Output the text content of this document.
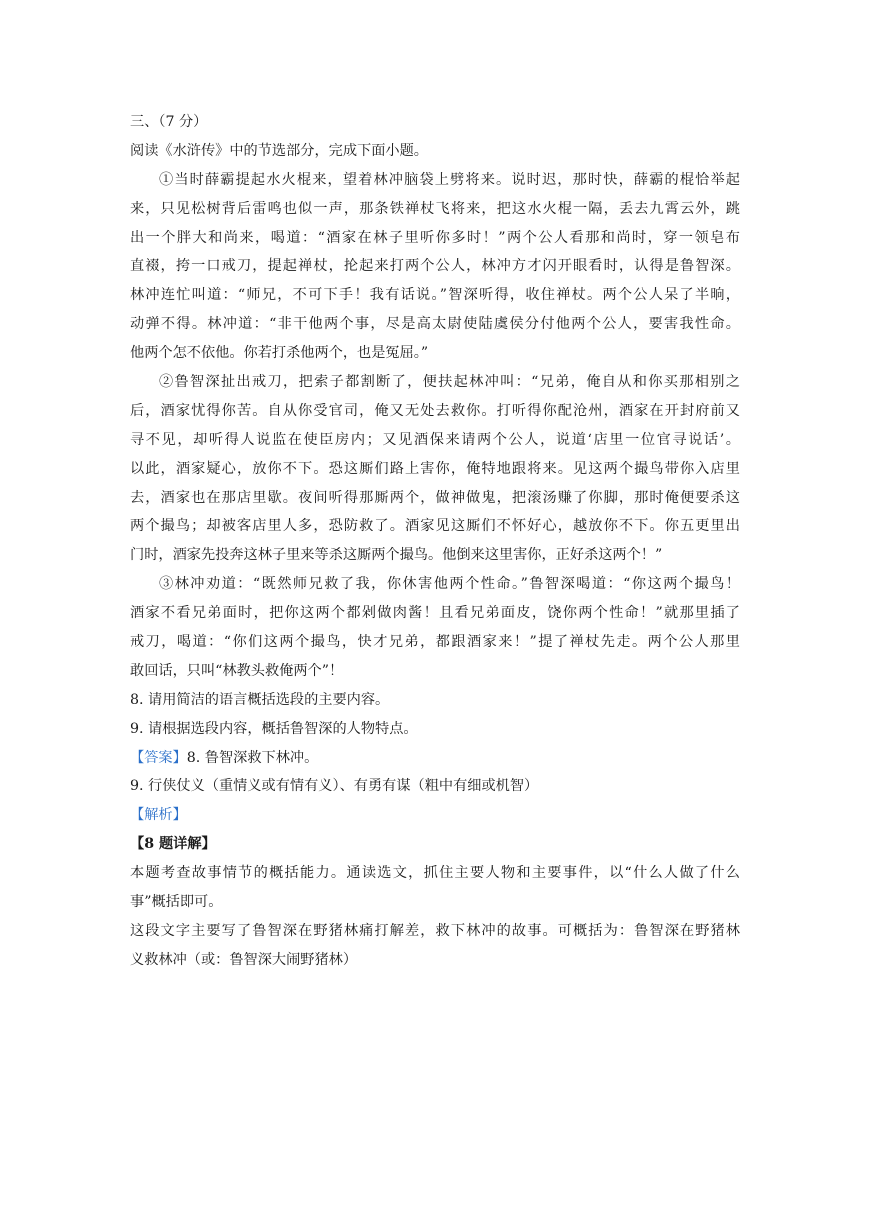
三、（7 分）
阅读《水浒传》中的节选部分，完成下面小题。
①当时薛霸提起水火棍来，望着林冲脑袋上劈将来。说时迟，那时快，薛霸的棍恰举起
来，只见松树背后雷鸣也似一声，那条铁禅杖飞将来，把这水火棍一隔，丢去九霄云外，跳
出一个胖大和尚来，喝道：“酒家在林子里听你多时！”两个公人看那和尚时，穿一领皂布
直裰，挎一口戒刀，提起禅杖，抡起来打两个公人，林冲方才闪开眼看时，认得是鲁智深。
林冲连忙叫道：“师兄，不可下手！我有话说。”智深听得，收住禅杖。两个公人呆了半晌，
动弹不得。林冲道：“非干他两个事，尽是高太尉使陆虞侯分付他两个公人，要害我性命。
他两个怎不依他。你若打杀他两个，也是冤屈。”
②鲁智深扯出戒刀，把索子都割断了，便扶起林冲叫：“兄弟，俺自从和你买那相别之
后，酒家忧得你苦。自从你受官司，俺又无处去救你。打听得你配沧州，酒家在开封府前又
寻不见，却听得人说监在使臣房内；又见酒保来请两个公人，说道‘店里一位官寻说话’。
以此，酒家疑心，放你不下。恐这厮们路上害你，俺特地跟将来。见这两个撮鸟带你入店里
去，酒家也在那店里歇。夜间听得那厮两个，做神做鬼，把滚汤赚了你脚，那时俺便要杀这
两个撮鸟；却被客店里人多，恐防救了。酒家见这厮们不怀好心，越放你不下。你五更里出
门时，酒家先投奔这林子里来等杀这厮两个撮鸟。他倒来这里害你，正好杀这两个！”
③林冲劝道：“既然师兄救了我，你休害他两个性命。”鲁智深喝道：“你这两个撮鸟！
酒家不看兄弟面时，把你这两个都剁做肉酱！且看兄弟面皮，饶你两个性命！”就那里插了
戒刀，喝道：“你们这两个撮鸟，快才兄弟，都跟酒家来！”提了禅杖先走。两个公人那里
敢回话，只叫“林教头救俺两个”！
8. 请用简洁的语言概括选段的主要内容。
9. 请根据选段内容，概括鲁智深的人物特点。
【答案】8. 鲁智深救下林冲。
9. 行侠仗义（重情义或有情有义）、有勇有谋（粗中有细或机智）
【解析】
【8 题详解】
本题考查故事情节的概括能力。通读选文，抓住主要人物和主要事件，以“什么人做了什么
事”概括即可。
这段文字主要写了鲁智深在野猪林痛打解差，救下林冲的故事。可概括为：鲁智深在野猪林
义救林冲（或：鲁智深大闹野猪林）
